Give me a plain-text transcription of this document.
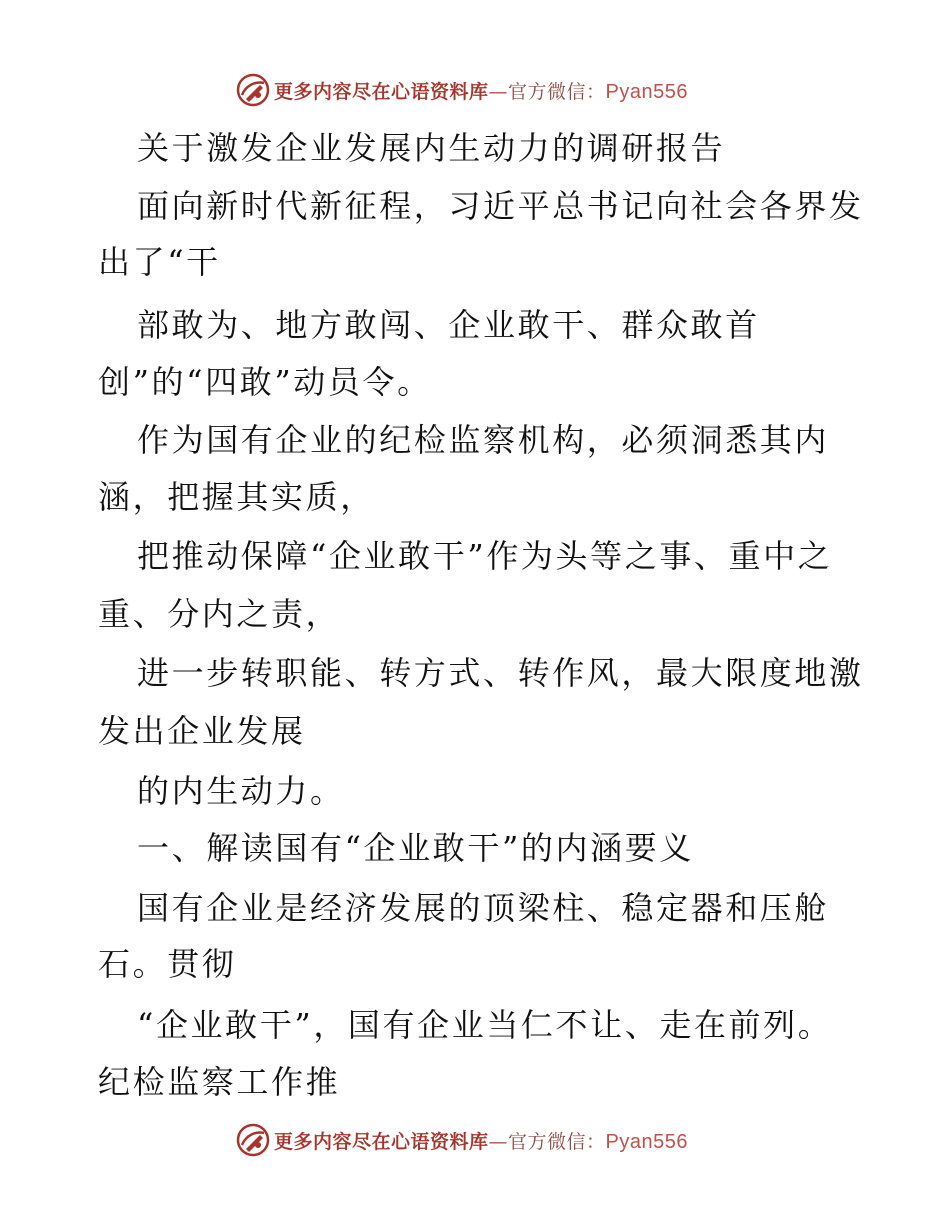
更多内容尽在心语资料库—官方微信：Pyan556
关于激发企业发展内生动力的调研报告
面向新时代新征程，习近平总书记向社会各界发
出了“干
部敢为、地方敢闯、企业敢干、群众敢首
创”的“四敢”动员令。
作为国有企业的纪检监察机构，必须洞悉其内
涵，把握其实质，
把推动保障“企业敢干”作为头等之事、重中之
重、分内之责，
进一步转职能、转方式、转作风，最大限度地激
发出企业发展
的内生动力。
一、解读国有“企业敢干”的内涵要义
国有企业是经济发展的顶梁柱、稳定器和压舱
石。贯彻
“企业敢干”，国有企业当仁不让、走在前列。
纪检监察工作推
更多内容尽在心语资料库—官方微信：Pyan556
